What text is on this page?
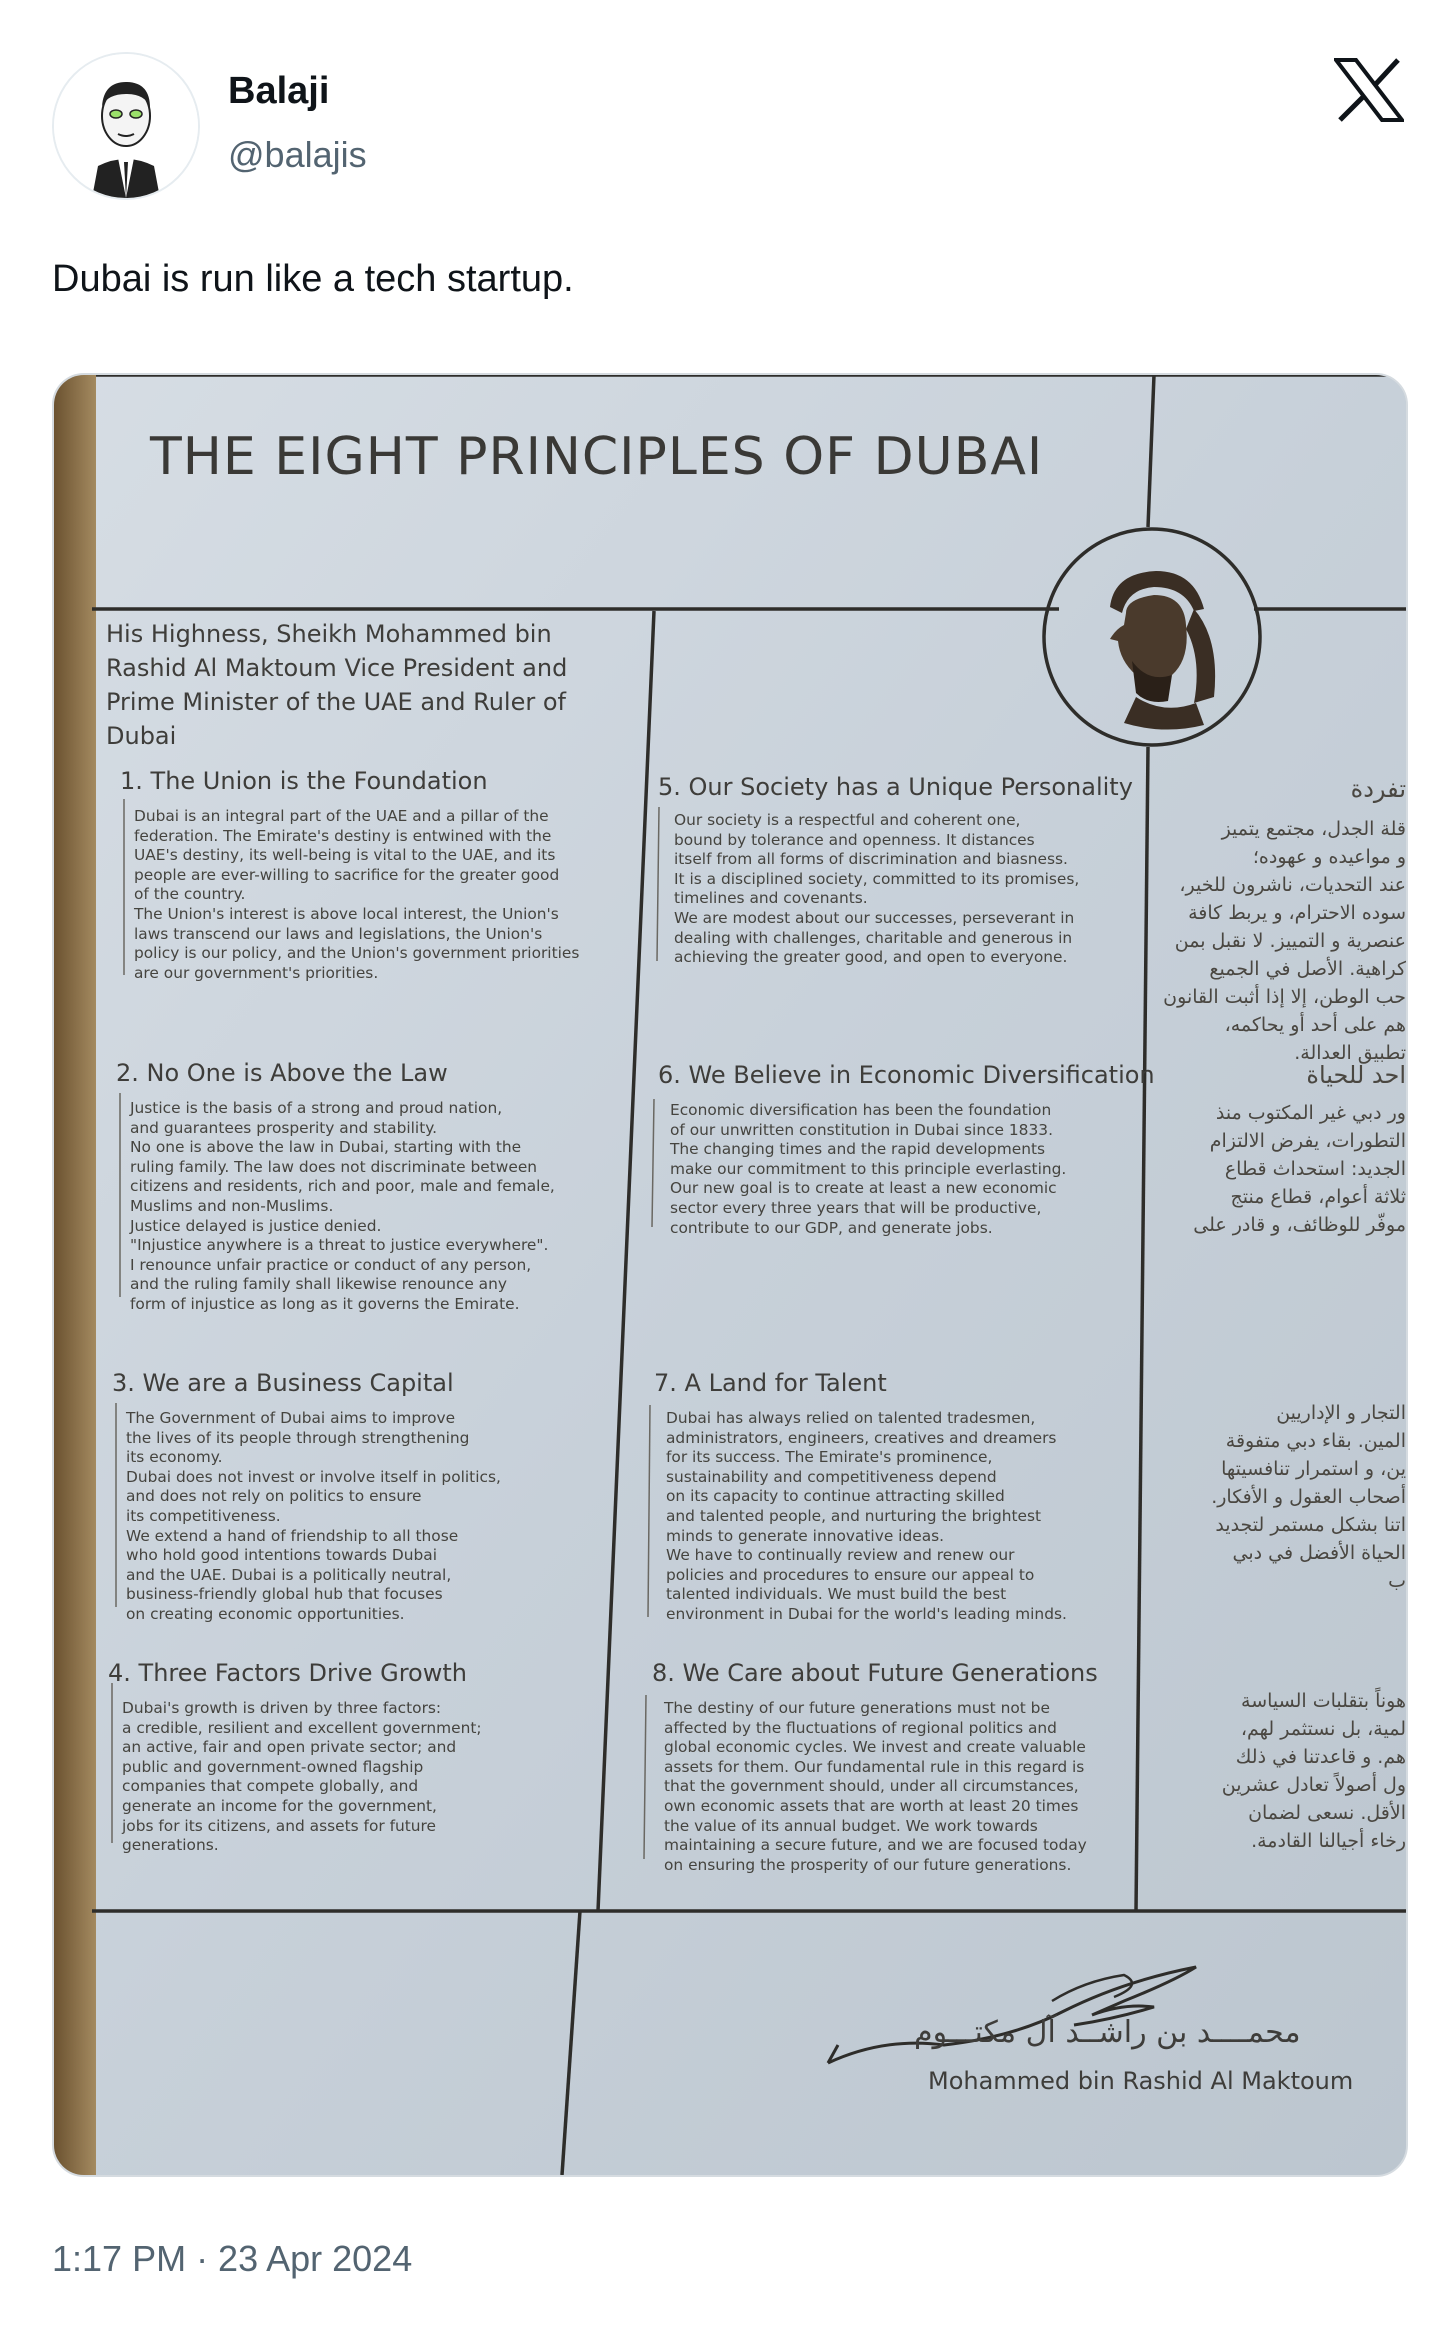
Balaji
@balajis
Dubai is run like a tech startup.
THE EIGHT PRINCIPLES OF DUBAI
His Highness, Sheikh Mohammed bin Rashid Al Maktoum Vice President and Prime Minister of the UAE and Ruler of Dubai
1. The Union is the Foundation
Dubai is an integral part of the UAE and a pillar of the
federation. The Emirate's destiny is entwined with the
UAE's destiny, its well-being is vital to the UAE, and its
people are ever-willing to sacrifice for the greater good
of the country.
The Union's interest is above local interest, the Union's
laws transcend our laws and legislations, the Union's
policy is our policy, and the Union's government priorities
are our government's priorities.
2. No One is Above the Law
Justice is the basis of a strong and proud nation,
and guarantees prosperity and stability.
No one is above the law in Dubai, starting with the
ruling family. The law does not discriminate between
citizens and residents, rich and poor, male and female,
Muslims and non-Muslims.
Justice delayed is justice denied.
"Injustice anywhere is a threat to justice everywhere".
I renounce unfair practice or conduct of any person,
and the ruling family shall likewise renounce any
form of injustice as long as it governs the Emirate.
3. We are a Business Capital
The Government of Dubai aims to improve
the lives of its people through strengthening
its economy.
Dubai does not invest or involve itself in politics,
and does not rely on politics to ensure
its competitiveness.
We extend a hand of friendship to all those
who hold good intentions towards Dubai
and the UAE. Dubai is a politically neutral,
business-friendly global hub that focuses
on creating economic opportunities.
4. Three Factors Drive Growth
Dubai's growth is driven by three factors:
a credible, resilient and excellent government;
an active, fair and open private sector; and
public and government-owned flagship
companies that compete globally, and
generate an income for the government,
jobs for its citizens, and assets for future
generations.
5. Our Society has a Unique Personality
Our society is a respectful and coherent one,
bound by tolerance and openness. It distances
itself from all forms of discrimination and biasness.
It is a disciplined society, committed to its promises,
timelines and covenants.
We are modest about our successes, perseverant in
dealing with challenges, charitable and generous in
achieving the greater good, and open to everyone.
6. We Believe in Economic Diversification
Economic diversification has been the foundation
of our unwritten constitution in Dubai since 1833.
The changing times and the rapid developments
make our commitment to this principle everlasting.
Our new goal is to create at least a new economic
sector every three years that will be productive,
contribute to our GDP, and generate jobs.
7. A Land for Talent
Dubai has always relied on talented tradesmen,
administrators, engineers, creatives and dreamers
for its success. The Emirate's prominence,
sustainability and competitiveness depend
on its capacity to continue attracting skilled
and talented people, and nurturing the brightest
minds to generate innovative ideas.
We have to continually review and renew our
policies and procedures to ensure our appeal to
talented individuals. We must build the best
environment in Dubai for the world's leading minds.
8. We Care about Future Generations
The destiny of our future generations must not be
affected by the fluctuations of regional politics and
global economic cycles. We invest and create valuable
assets for them. Our fundamental rule in this regard is
that the government should, under all circumstances,
own economic assets that are worth at least 20 times
the value of its annual budget. We work towards
maintaining a secure future, and we are focused today
on ensuring the prosperity of our future generations.
تفردة
قلة الجدل، مجتمع يتميز
و مواعيده و عهوده؛
عند التحديات، ناشرون للخير،
سوده الاحترام، و يربط كافة
عنصرية و التمييز. لا نقبل بمن
كراهية. الأصل في الجميع
حب الوطن، إلا إذا أثبت القانون
هم على أحد أو يحاكمه،
تطبيق العدالة.
احد للحياة
ور دبي غير المكتوب منذ
التطورات، يفرض الالتزام
الجديد: استحداث قطاع
ثلاثة أعوام، قطاع منتج
موفّر للوظائف، و قادر على
التجار و الإداريين
المين. بقاء دبي متفوقة
ين، و استمرار تنافسيتها
أصحاب العقول و الأفكار.
اتنا بشكل مستمر لتجديد
الحياة الأفضل في دبي
ب
هوناً بتقلبات السياسة
لمية، بل نستثمر لهم،
هم. و قاعدتنا في ذلك
ول أصولاً تعادل عشرين
الأقل. نسعى لضمان
رخاء أجيالنا القادمة.
محمــــد بن راشــد آل مكتـــوم
Mohammed bin Rashid Al Maktoum
1:17 PM · 23 Apr 2024
